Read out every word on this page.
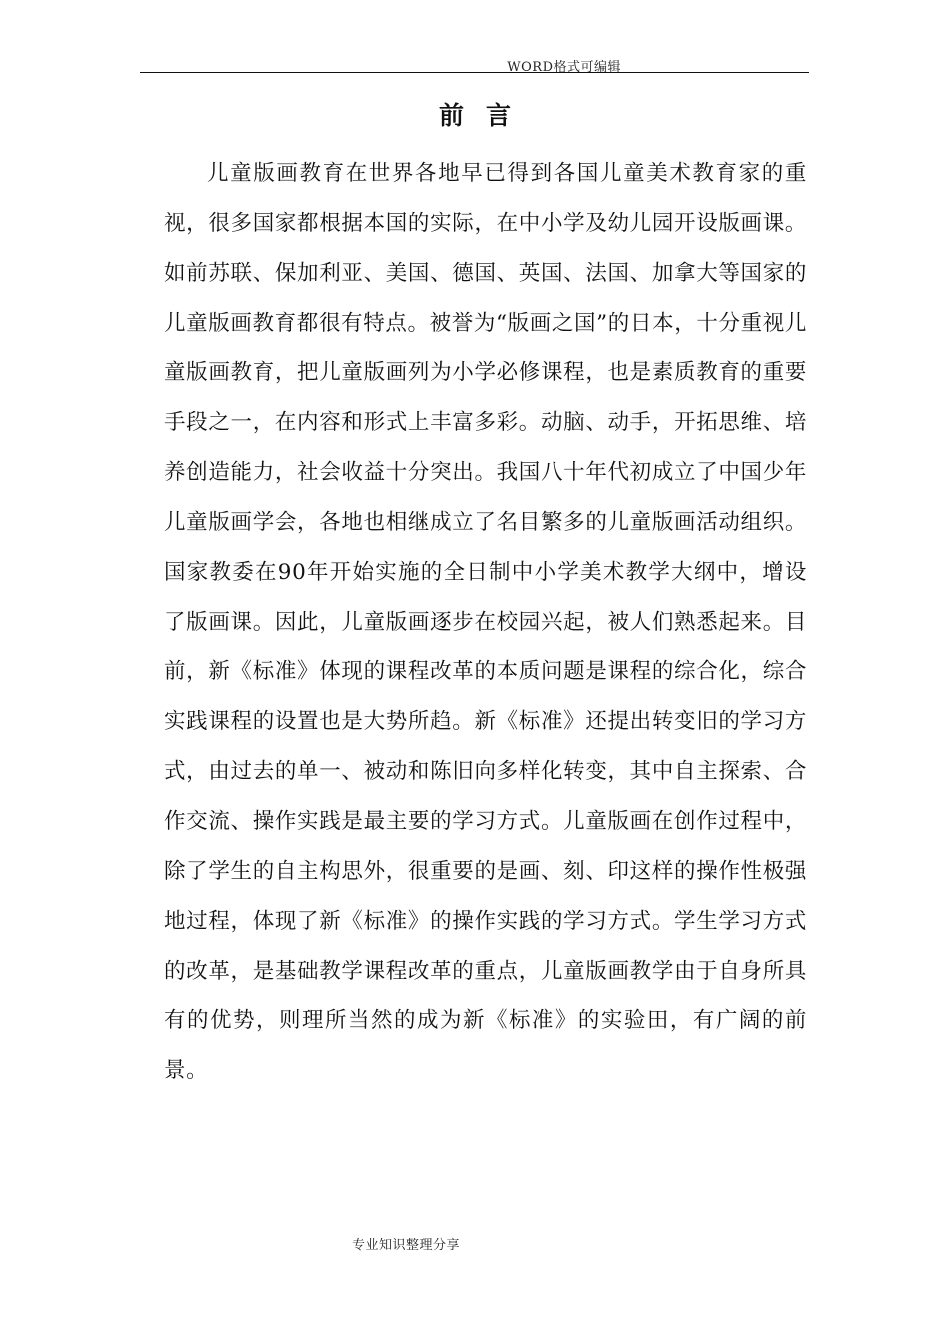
WORD格式可编辑
前言
儿童版画教育在世界各地早已得到各国儿童美术教育家的重视，很多国家都根据本国的实际，在中小学及幼儿园开设版画课。如前苏联、保加利亚、美国、德国、英国、法国、加拿大等国家的儿童版画教育都很有特点。被誉为“版画之国”的日本，十分重视儿童版画教育，把儿童版画列为小学必修课程，也是素质教育的重要手段之一，在内容和形式上丰富多彩。动脑、动手，开拓思维、培养创造能力，社会收益十分突出。我国八十年代初成立了中国少年儿童版画学会，各地也相继成立了名目繁多的儿童版画活动组织。国家教委在90年开始实施的全日制中小学美术教学大纲中，增设了版画课。因此，儿童版画逐步在校园兴起，被人们熟悉起来。目前，新《标准》体现的课程改革的本质问题是课程的综合化，综合实践课程的设置也是大势所趋。新《标准》还提出转变旧的学习方式，由过去的单一、被动和陈旧向多样化转变，其中自主探索、合作交流、操作实践是最主要的学习方式。儿童版画在创作过程中，除了学生的自主构思外，很重要的是画、刻、印这样的操作性极强地过程，体现了新《标准》的操作实践的学习方式。学生学习方式的改革，是基础教学课程改革的重点，儿童版画教学由于自身所具有的优势，则理所当然的成为新《标准》的实验田，有广阔的前景。
专业知识整理分享
